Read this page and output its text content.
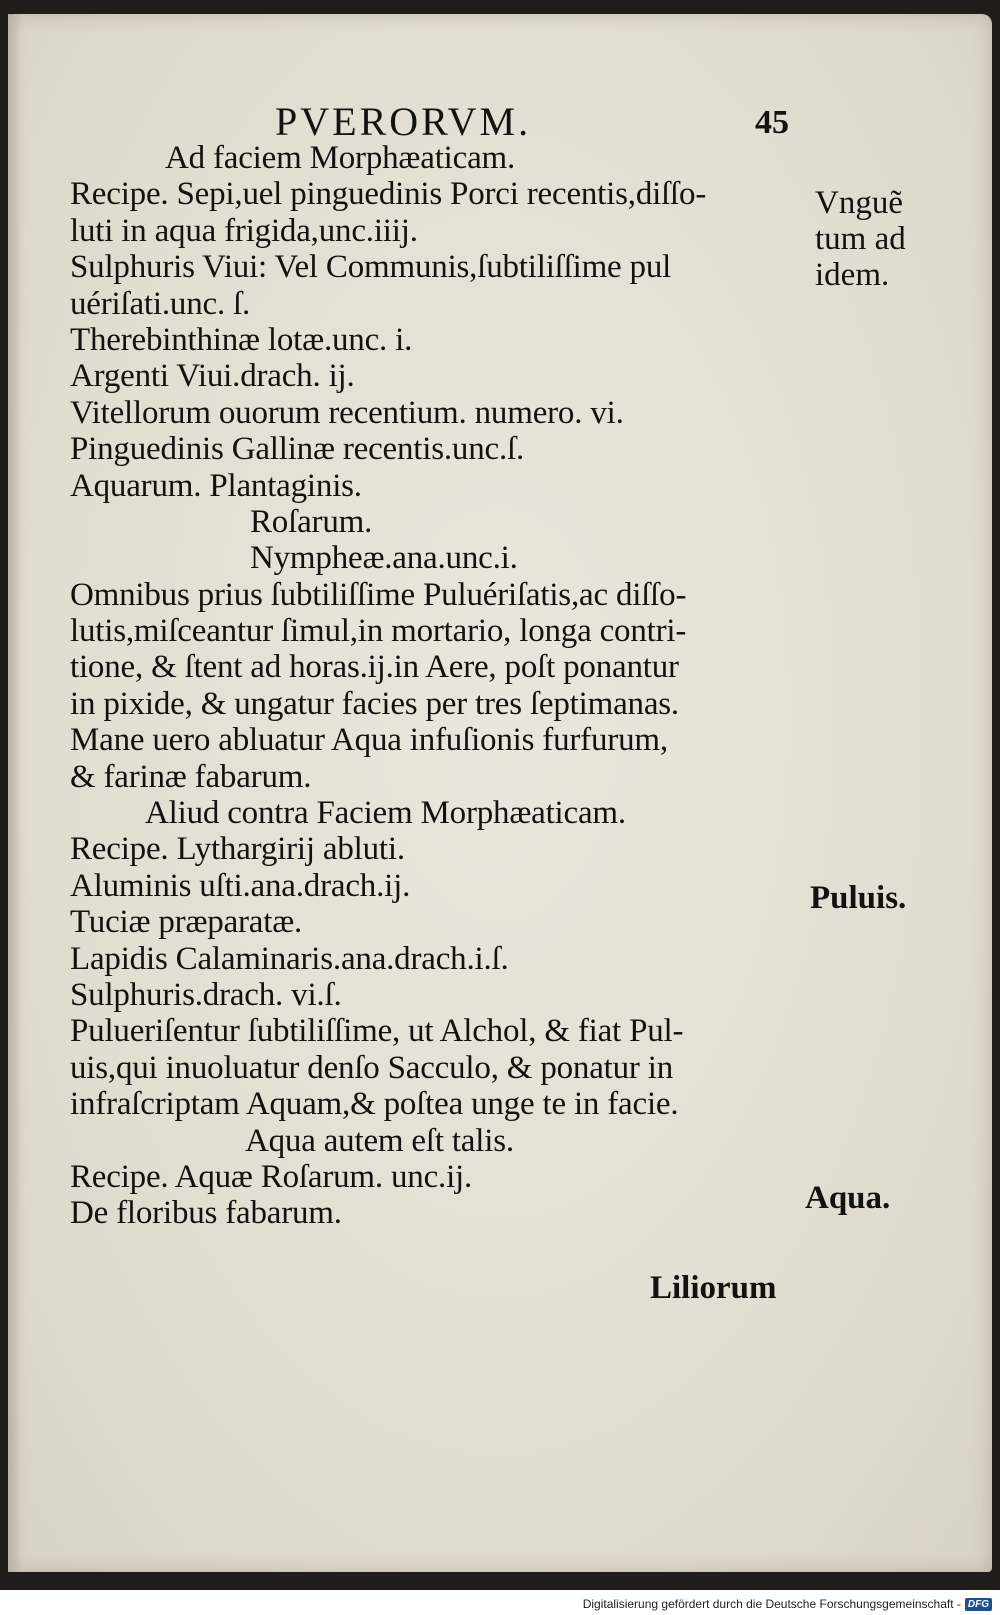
PVERORVM.	45
Ad faciem Morphæaticam.
Recipe. Sepi,uel pinguedinis Porci recentis,diſſo-
luti in aqua frigida,unc.iiij.
Sulphuris Viui: Vel Communis,ſubtiliſſime pul
uériſati.unc. ſ.
Therebinthinæ lotæ.unc. i.
Argenti Viui.drach. ij.
Vitellorum ouorum recentium. numero. vi.
Pinguedinis Gallinæ recentis.unc.ſ.
Aquarum. Plantaginis.
Roſarum.
Nympheæ.ana.unc.i.
Omnibus prius ſubtiliſſime Puluériſatis,ac diſſo-
lutis,miſceantur ſimul,in mortario, longa contri-
tione, & ſtent ad horas.ij.in Aere, poſt ponantur
in pixide, & ungatur facies per tres ſeptimanas.
Mane uero abluatur Aqua infuſionis furfurum,
& farinæ fabarum.
Aliud contra Faciem Morphæaticam.
Recipe. Lythargirij abluti.
Aluminis uſti.ana.drach.ij.
Tuciæ præparatæ.
Lapidis Calaminaris.ana.drach.i.ſ.
Sulphuris.drach. vi.ſ.
Pulueriſentur ſubtiliſſime, ut Alchol, & fiat Pul-
uis,qui inuoluatur denſo Sacculo, & ponatur in
infraſcriptam Aquam,& poſtea unge te in facie.
Aqua autem eſt talis.
Recipe. Aquæ Roſarum. unc.ij.
De floribus fabarum.
Vnguẽ tum ad idem.
Puluis.
Aqua.
Liliorum
Digitalisierung gefördert durch die Deutsche Forschungsgemeinschaft - DFG
